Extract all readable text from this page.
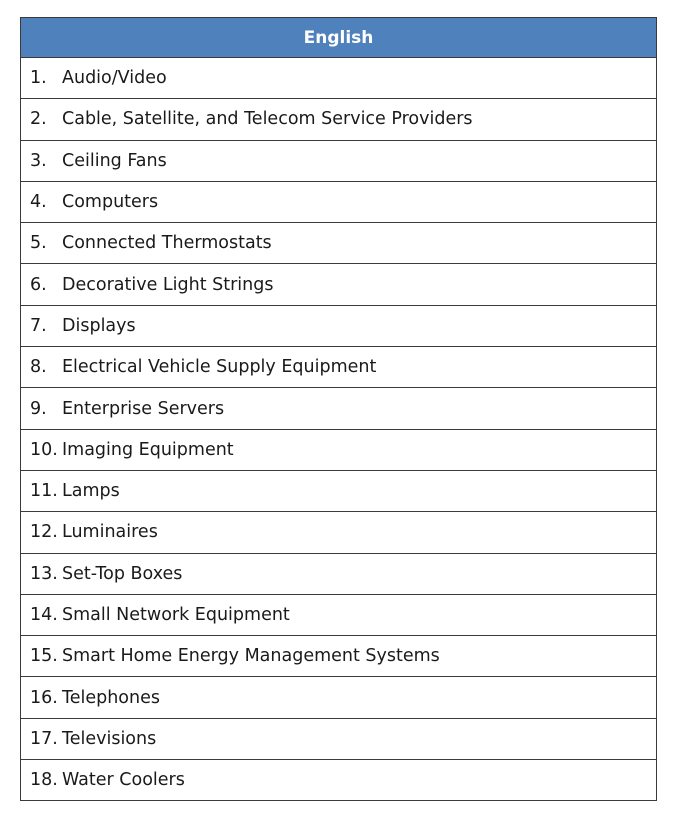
English
1. Audio/Video
2. Cable, Satellite, and Telecom Service Providers
3. Ceiling Fans
4. Computers
5. Connected Thermostats
6. Decorative Light Strings
7. Displays
8. Electrical Vehicle Supply Equipment
9. Enterprise Servers
10. Imaging Equipment
11. Lamps
12. Luminaires
13. Set-Top Boxes
14. Small Network Equipment
15. Smart Home Energy Management Systems
16. Telephones
17. Televisions
18. Water Coolers
